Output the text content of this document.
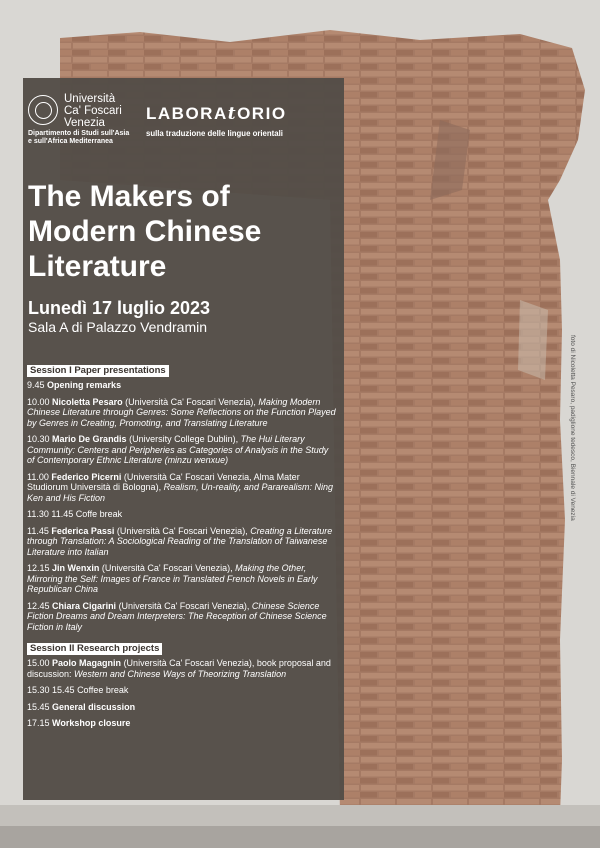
Università
Ca' Foscari
Venezia
Dipartimento di Studi sull'Asia
e sull'Africa Mediterranea
LABORAtORIO
sulla traduzione delle lingue orientali
The Makers of Modern Chinese Literature
Lunedì 17 luglio 2023
Sala A di Palazzo Vendramin
Session I Paper presentations
9.45 Opening remarks
10.00 Nicoletta Pesaro (Università Ca' Foscari Venezia), Making Modern Chinese Literature through Genres: Some Reflections on the Function Played by Genres in Creating, Promoting, and Translating Literature
10.30 Mario De Grandis (University College Dublin), The Hui Literary Community: Centers and Peripheries as Categories of Analysis in the Study of Contemporary Ethnic Literature (minzu wenxue)
11.00 Federico Picerni (Università Ca' Foscari Venezia, Alma Mater Studiorum Università di Bologna), Realism, Un-reality, and Pararealism: Ning Ken and His Fiction
11.30 11.45 Coffe break
11.45 Federica Passi (Università Ca' Foscari Venezia), Creating a Literature through Translation: A Sociological Reading of the Translation of Taiwanese Literature into Italian
12.15 Jin Wenxin (Università Ca' Foscari Venezia), Making the Other, Mirroring the Self: Images of France in Translated French Novels in Early Republican China
12.45 Chiara Cigarini (Università Ca' Foscari Venezia), Chinese Science Fiction Dreams and Dream Interpreters: The Reception of Chinese Science Fiction in Italy
Session II Research projects
15.00 Paolo Magagnin (Università Ca' Foscari Venezia), book proposal and discussion: Western and Chinese Ways of Theorizing Translation
15.30 15.45 Coffee break
15.45 General discussion
17.15 Workshop closure
foto di Nicoletta Pesaro, padiglione tedesco, Biennale di Venezia
